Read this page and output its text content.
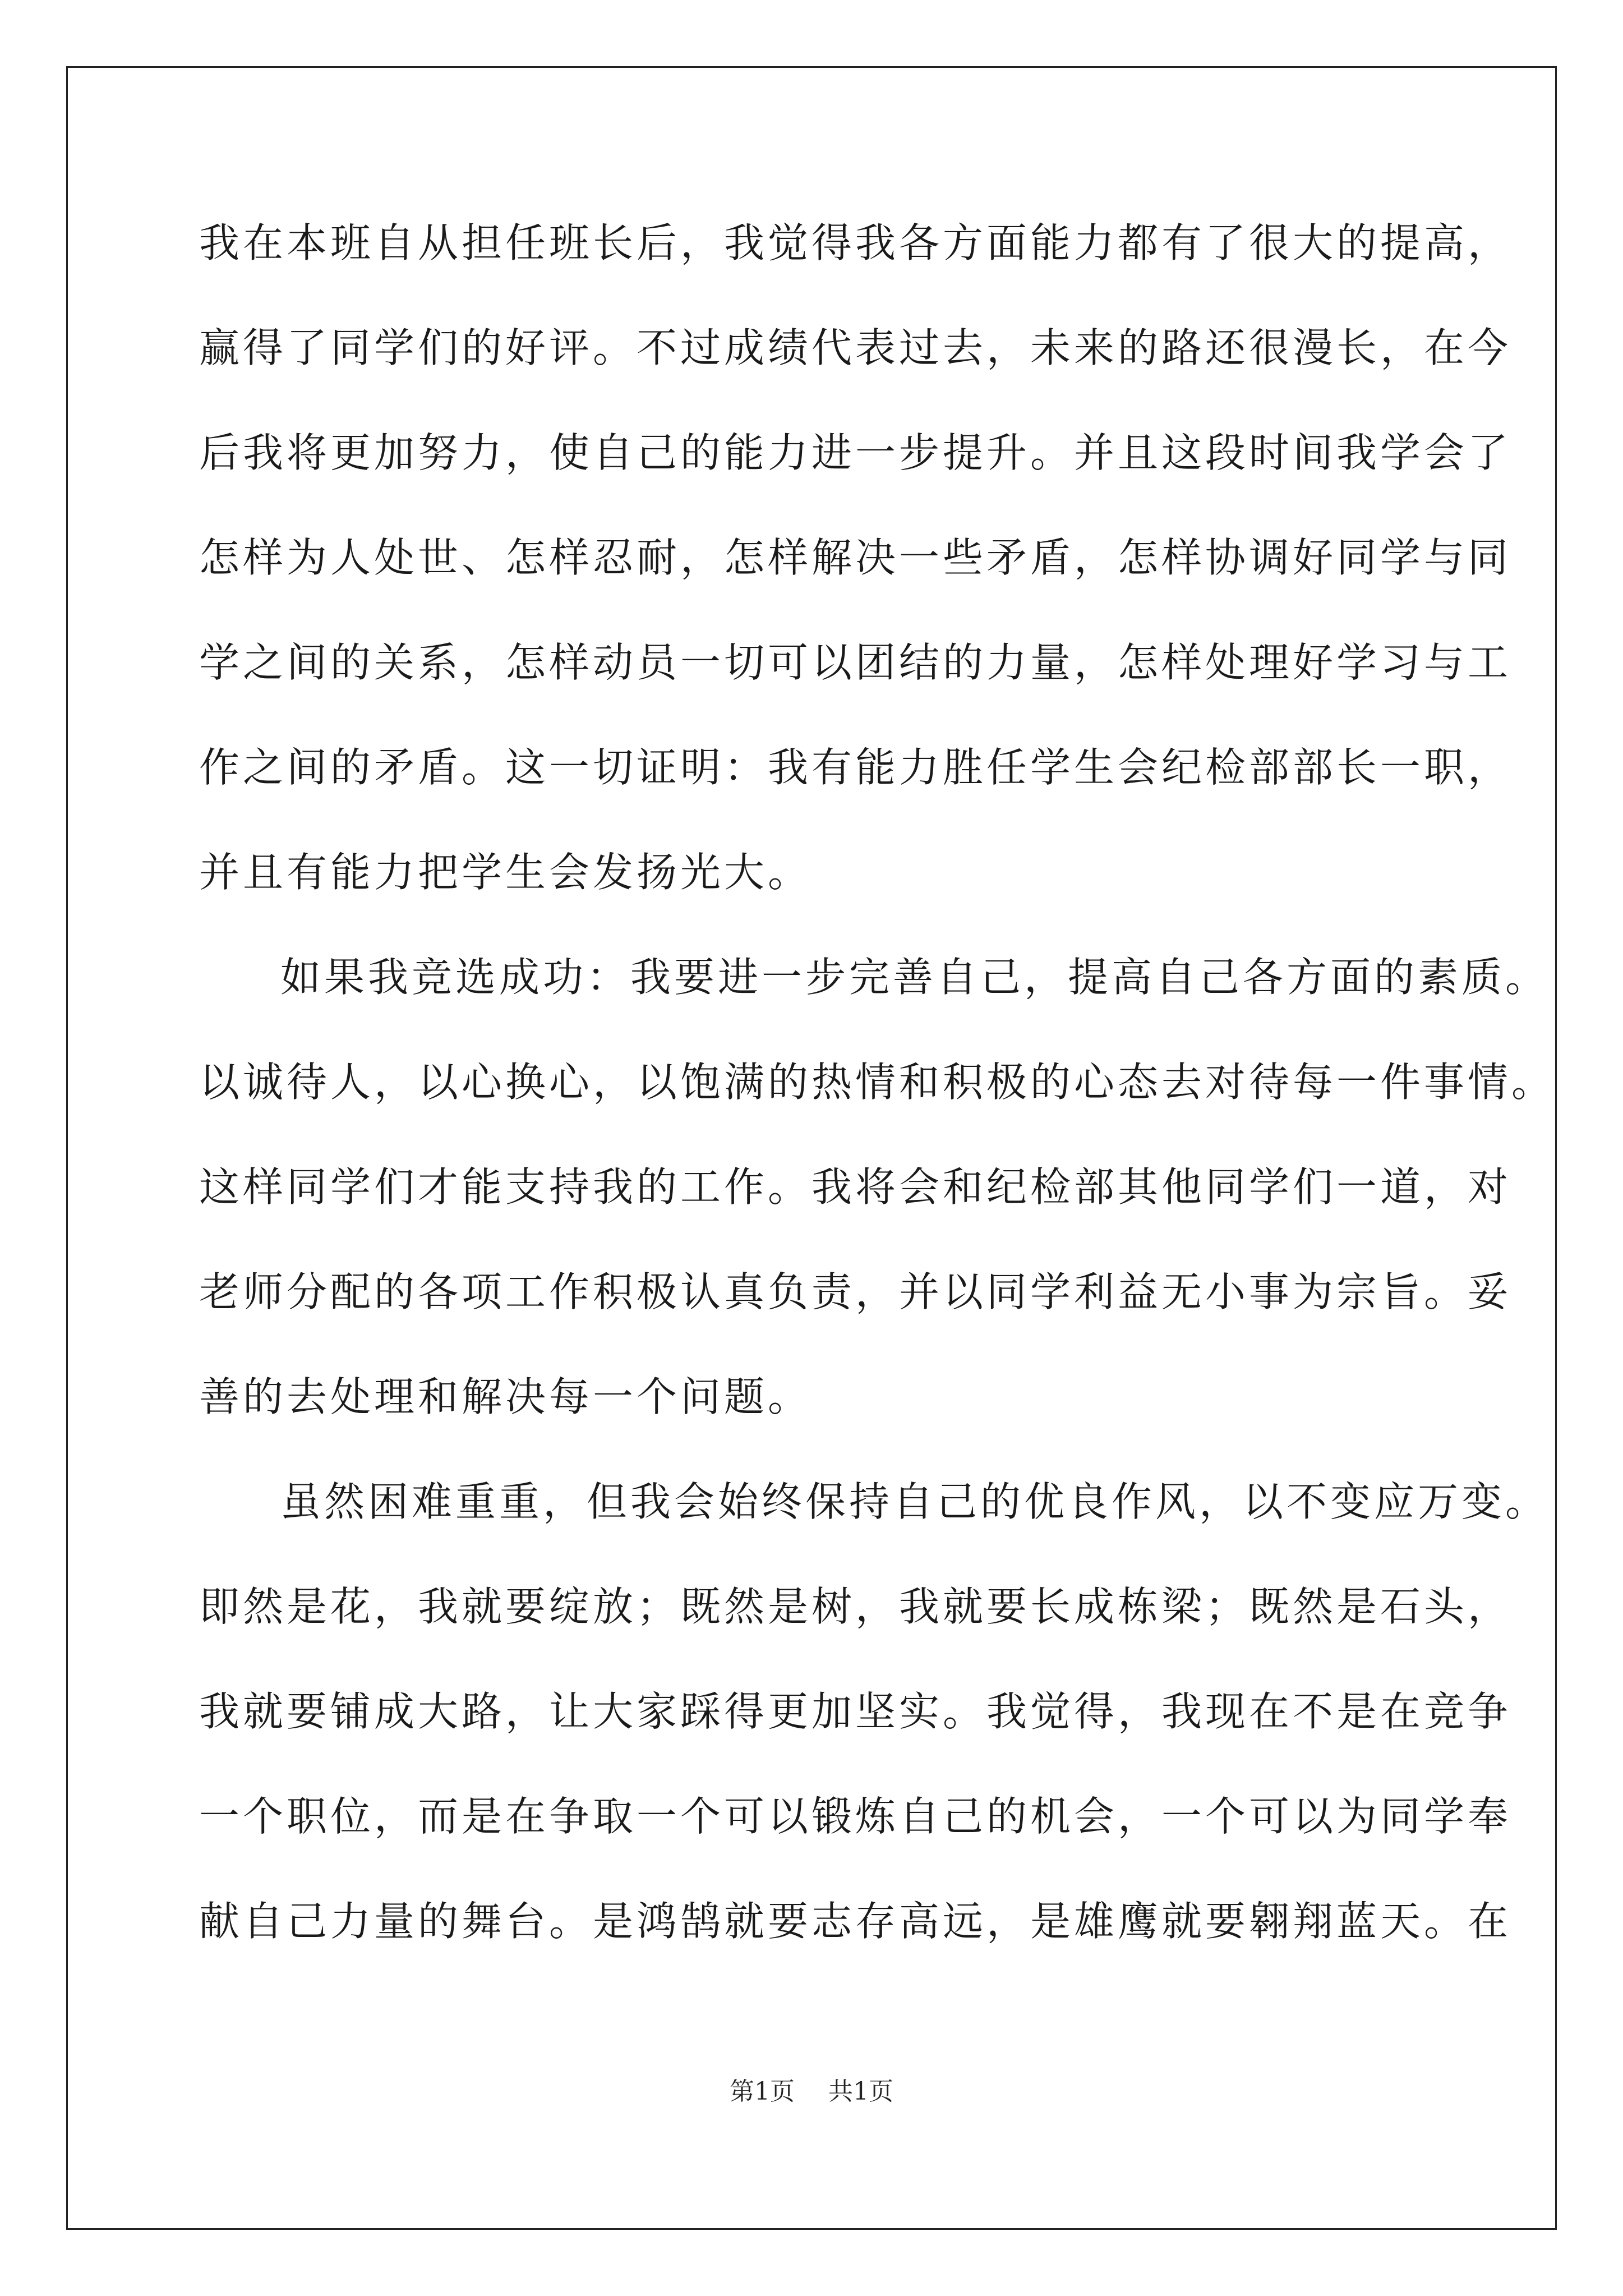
我在本班自从担任班长后，我觉得我各方面能力都有了很大的提高，
赢得了同学们的好评。不过成绩代表过去，未来的路还很漫长，在今
后我将更加努力，使自己的能力进一步提升。并且这段时间我学会了
怎样为人处世、怎样忍耐，怎样解决一些矛盾，怎样协调好同学与同
学之间的关系，怎样动员一切可以团结的力量，怎样处理好学习与工
作之间的矛盾。这一切证明：我有能力胜任学生会纪检部部长一职，
并且有能力把学生会发扬光大。
如果我竞选成功：我要进一步完善自己，提高自己各方面的素质。
以诚待人，以心换心，以饱满的热情和积极的心态去对待每一件事情。
这样同学们才能支持我的工作。我将会和纪检部其他同学们一道，对
老师分配的各项工作积极认真负责，并以同学利益无小事为宗旨。妥
善的去处理和解决每一个问题。
虽然困难重重，但我会始终保持自己的优良作风，以不变应万变。
即然是花，我就要绽放；既然是树，我就要长成栋梁；既然是石头，
我就要铺成大路，让大家踩得更加坚实。我觉得，我现在不是在竞争
一个职位，而是在争取一个可以锻炼自己的机会，一个可以为同学奉
献自己力量的舞台。是鸿鹄就要志存高远，是雄鹰就要翱翔蓝天。在
第1页 共1页
